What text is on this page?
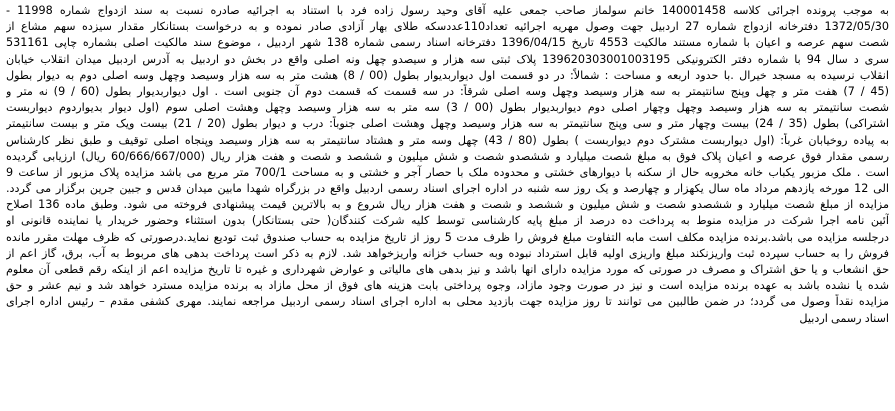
به موجب پرونده اجرائی کلاسه 140001458 خانم سولماز صاحب جمعی علیه آقای وحید رسول زاده فرد با استناد به اجرائیه صادره نسبت به سند ازدواج شماره 11998 -
1372/05/30 دفترخانه ازدواج شماره 27 اردبیل جهت وصول مهریه اجرائیه تعداد110عددسکه طلای بهار آزادی صادر نموده و به درخواست بستانکار مقدار سیزده سهم مشاع از
شصت سهم عرصه و اعیان با شماره مستند مالکیت 4553 تاریخ 1396/04/15 دفترخانه اسناد رسمی شماره 138 شهر اردبیل ، موضوع سند مالکیت اصلی بشماره چاپی 531161
سری د سال 94 با شماره دفتر الکترونیکی 139620303001003195 پلاک ثبتی سه هزار و سیصدو چهل ونه اصلی واقع در بخش دو اردبیل به آدرس اردبیل میدان انقلاب خیابان
انقلاب نرسیده به مسجد خیرال .با حدود اربعه و مساحت : شمالاً: در دو قسمت اول دیواربدیوار بطول (00 / 8) هشت متر به سه هزار وسیصد وچهل وسه اصلی دوم به دیوار بطول
(45 / 7) هفت متر و چهل وپنج سانتیمتر به سه هزار وسیصد وچهل وسه اصلی شرقاً: در سه قسمت که قسمت دوم آن جنوبی است . اول دیواربدیوار بطول (60 / 9) نه متر و
شصت سانتیمتر به سه هزار وسیصد وچهل وچهار اصلی دوم دیواربدیوار بطول (00 / 3) سه متر به سه هزار وسیصد وچهل وهشت اصلی سوم (اول دیوار بدیواردوم دیواربست
اشتراکی) بطول (35 / 24) بیست وچهار متر و سی وپنج سانتیمتر به سه هزار وسیصد وچهل وهشت اصلی جنوباً: درب و دیوار بطول (20 / 21) بیست ویک متر و بیست سانتیمتر
به پیاده روخیابان غرباً: (اول دیواربست مشترک دوم دیواربست ) بطول (80 / 43) چهل وسه متر و هشتاد سانتیمتر به سه هزار وسیصد وپنجاه اصلی توقیف و طبق نظر کارشناس
رسمی مقدار فوق عرصه و اعیان پلاک فوق به مبلغ شصت میلیارد و ششصدو شصت و شش میلیون و ششصد و شصت و هفت هزار ریال (60/666/667/000 ریال) ارزیابی گردیده
است . ملک مزبور یکباب خانه مخروبه حال از سکنه با دیوارهای خشتی و محدوده ملک با حصار آجر و خشتی و به مساحت 700/1 متر مربع می باشد مزایده پلاک مزبور از ساعت 9
الی 12 مورخه یازدهم مرداد ماه سال یکهزار و چهارصد و یک روز سه شنبه در اداره اجرای اسناد رسمی اردبیل واقع در بزرگراه شهدا مابین میدان قدس و جبین جرین برگزار می گردد.
مزایده از مبلغ شصت میلیارد و ششصدو شصت و شش میلیون و ششصد و شصت و هفت هزار ریال شروع و به بالاترین قیمت پیشنهادی فروخته می شود. وطبق ماده 136 اصلاح
آئین نامه اجرا شرکت در مزایده منوط به پرداخت ده درصد از مبلغ پایه کارشناسی توسط کلیه شرکت کنندگان( حتی بستانکار) بدون استثناء وحضور خریدار یا نماینده قانونی او
درجلسه مزایده می باشد.برنده مزایده مکلف است مابه التفاوت مبلغ فروش را ظرف مدت 5 روز از تاریخ مزایده به حساب صندوق ثبت تودیع نماید.درصورتی که ظرف مهلت مقرر مانده
فروش را به حساب سپرده ثبت واریزنکند مبلغ واریزی اولیه قابل استرداد نبوده وبه حساب خزانه واریزخواهد شد. لازم به ذکر است پرداخت بدهی های مربوط به آب، برق، گاز اعم از
حق انشعاب و یا حق اشتراک و مصرف در صورتی که مورد مزایده دارای انها باشد و نیز بدهی های مالیاتی و عوارض شهرداری و غیره تا تاریخ مزایده اعم از اینکه رقم قطعی آن معلوم
شده یا نشده باشد به عهده برنده مزایده است و نیز در صورت وجود مازاد، وجوه پرداختی بابت هزینه های فوق از محل مازاد به برنده مزایده مسترد خواهد شد و نیم عشر و حق
مزایده نقداً وصول می گردد؛ در ضمن طالبین می توانند تا روز مزایده جهت بازدید محلی به اداره اجرای اسناد رسمی اردبیل مراجعه نمایند. مهری کشفی مقدم – رئیس اداره اجرای
اسناد رسمی اردبیل
